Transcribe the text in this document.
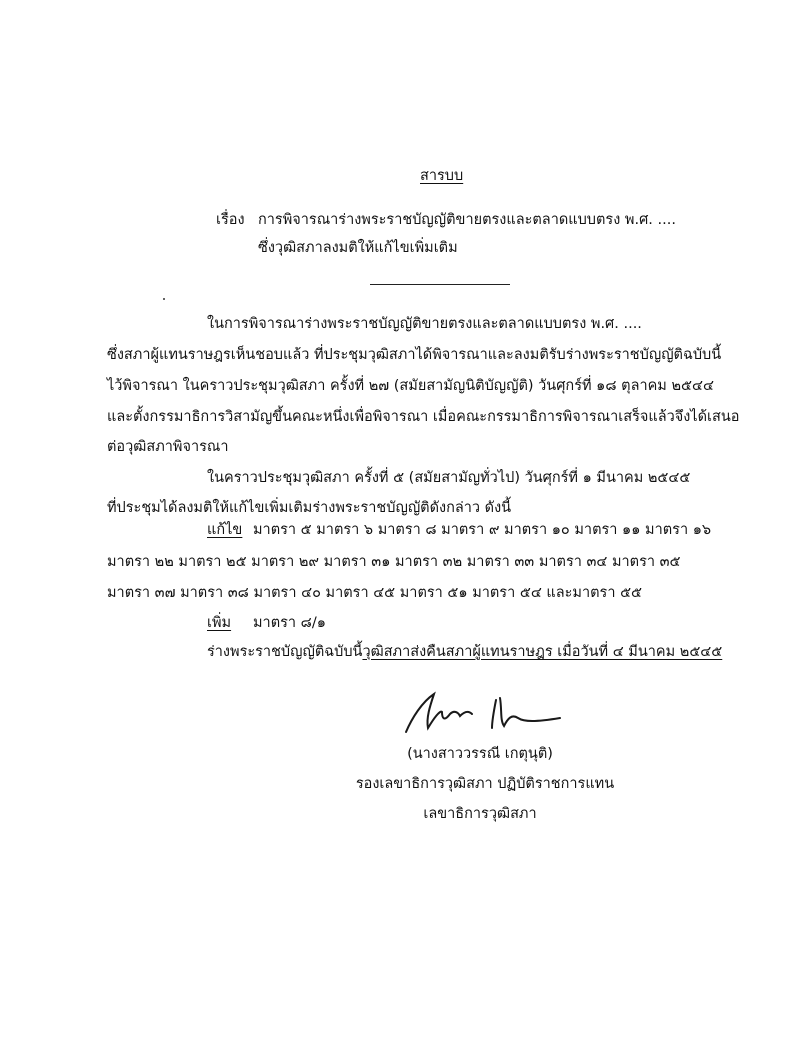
สารบบ
เรื่อง การพิจารณาร่างพระราชบัญญัติขายตรงและตลาดแบบตรง พ.ศ. ....
ซึ่งวุฒิสภาลงมติให้แก้ไขเพิ่มเติม
ในการพิจารณาร่างพระราชบัญญัติขายตรงและตลาดแบบตรง พ.ศ. ....
ซึ่งสภาผู้แทนราษฎรเห็นชอบแล้ว ที่ประชุมวุฒิสภาได้พิจารณาและลงมติรับร่างพระราชบัญญัติฉบับนี้
ไว้พิจารณา ในคราวประชุมวุฒิสภา ครั้งที่ ๒๗ (สมัยสามัญนิติบัญญัติ) วันศุกร์ที่ ๑๘ ตุลาคม ๒๕๔๔
และตั้งกรรมาธิการวิสามัญขึ้นคณะหนึ่งเพื่อพิจารณา เมื่อคณะกรรมาธิการพิจารณาเสร็จแล้วจึงได้เสนอ
ต่อวุฒิสภาพิจารณา
ในคราวประชุมวุฒิสภา ครั้งที่ ๕ (สมัยสามัญทั่วไป) วันศุกร์ที่ ๑ มีนาคม ๒๕๔๕
ที่ประชุมได้ลงมติให้แก้ไขเพิ่มเติมร่างพระราชบัญญัติดังกล่าว ดังนี้
แก้ไข มาตรา ๕ มาตรา ๖ มาตรา ๘ มาตรา ๙ มาตรา ๑๐ มาตรา ๑๑ มาตรา ๑๖
มาตรา ๒๒ มาตรา ๒๕ มาตรา ๒๙ มาตรา ๓๑ มาตรา ๓๒ มาตรา ๓๓ มาตรา ๓๔ มาตรา ๓๕
มาตรา ๓๗ มาตรา ๓๘ มาตรา ๔๐ มาตรา ๔๕ มาตรา ๕๑ มาตรา ๕๔ และมาตรา ๕๕
เพิ่ม มาตรา ๘/๑
ร่างพระราชบัญญัติฉบับนี้วุฒิสภาส่งคืนสภาผู้แทนราษฎร เมื่อวันที่ ๔ มีนาคม ๒๕๔๕
(นางสาววรรณี เกตุนุติ)
รองเลขาธิการวุฒิสภา ปฏิบัติราชการแทน
เลขาธิการวุฒิสภา
